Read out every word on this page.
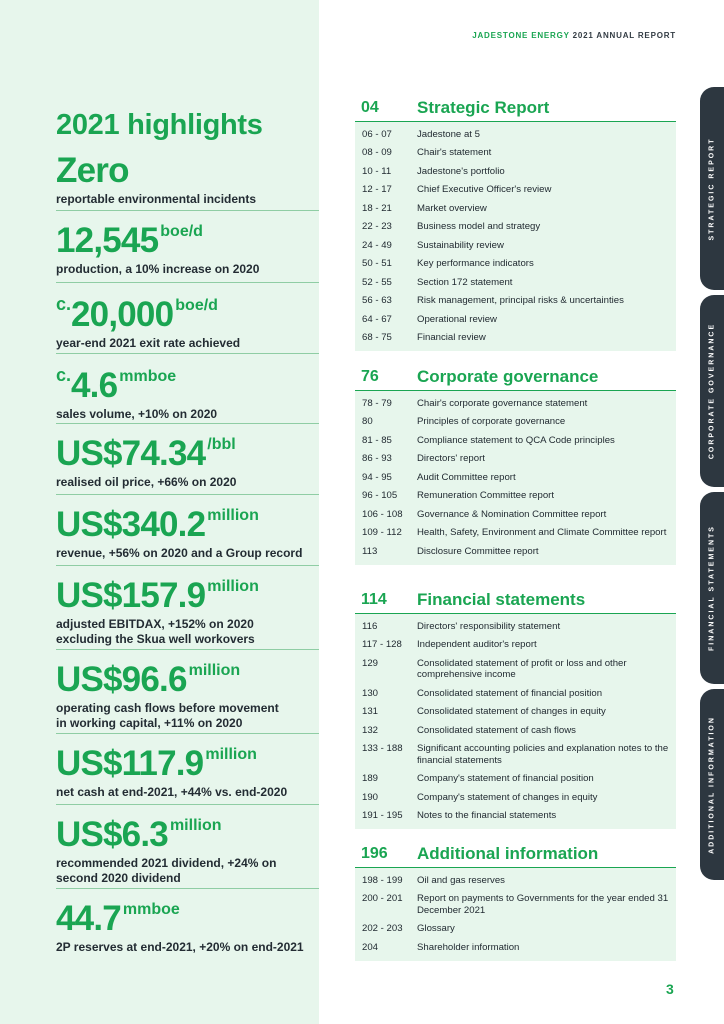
2021 highlights
Zero
reportable environmental incidents
12,545 boe/d
production, a 10% increase on 2020
c.20,000 boe/d
year-end 2021 exit rate achieved
c.4.6 mmboe
sales volume, +10% on 2020
US$74.34 /bbl
realised oil price, +66% on 2020
US$340.2 million
revenue, +56% on 2020 and a Group record
US$157.9 million
adjusted EBITDAX, +152% on 2020
excluding the Skua well workovers
US$96.6 million
operating cash flows before movement
in working capital, +11% on 2020
US$117.9 million
net cash at end-2021, +44% vs. end-2020
US$6.3 million
recommended 2021 dividend, +24% on
second 2020 dividend
44.7 mmboe
2P reserves at end-2021, +20% on end-2021
JADESTONE ENERGY 2021 ANNUAL REPORT
04 Strategic Report
06 - 07	Jadestone at 5
08 - 09	Chair's statement
10 - 11	Jadestone's portfolio
12 - 17	Chief Executive Officer's review
18 - 21	Market overview
22 - 23	Business model and strategy
24 - 49	Sustainability review
50 - 51	Key performance indicators
52 - 55	Section 172 statement
56 - 63	Risk management, principal risks & uncertainties
64 - 67	Operational review
68 - 75	Financial review
76 Corporate governance
78 - 79	Chair's corporate governance statement
80	Principles of corporate governance
81 - 85	Compliance statement to QCA Code principles
86 - 93	Directors' report
94 - 95	Audit Committee report
96 - 105	Remuneration Committee report
106 - 108	Governance & Nomination Committee report
109 - 112	Health, Safety, Environment and Climate Committee report
113	Disclosure Committee report
114 Financial statements
116	Directors' responsibility statement
117 - 128	Independent auditor's report
129	Consolidated statement of profit or loss and other comprehensive income
130	Consolidated statement of financial position
131	Consolidated statement of changes in equity
132	Consolidated statement of cash flows
133 - 188	Significant accounting policies and explanation notes to the financial statements
189	Company's statement of financial position
190	Company's statement of changes in equity
191 - 195	Notes to the financial statements
196 Additional information
198 - 199	Oil and gas reserves
200 - 201	Report on payments to Governments for the year ended 31 December 2021
202 - 203	Glossary
204	Shareholder information
STRATEGIC REPORT
CORPORATE GOVERNANCE
FINANCIAL STATEMENTS
ADDITIONAL INFORMATION
3
